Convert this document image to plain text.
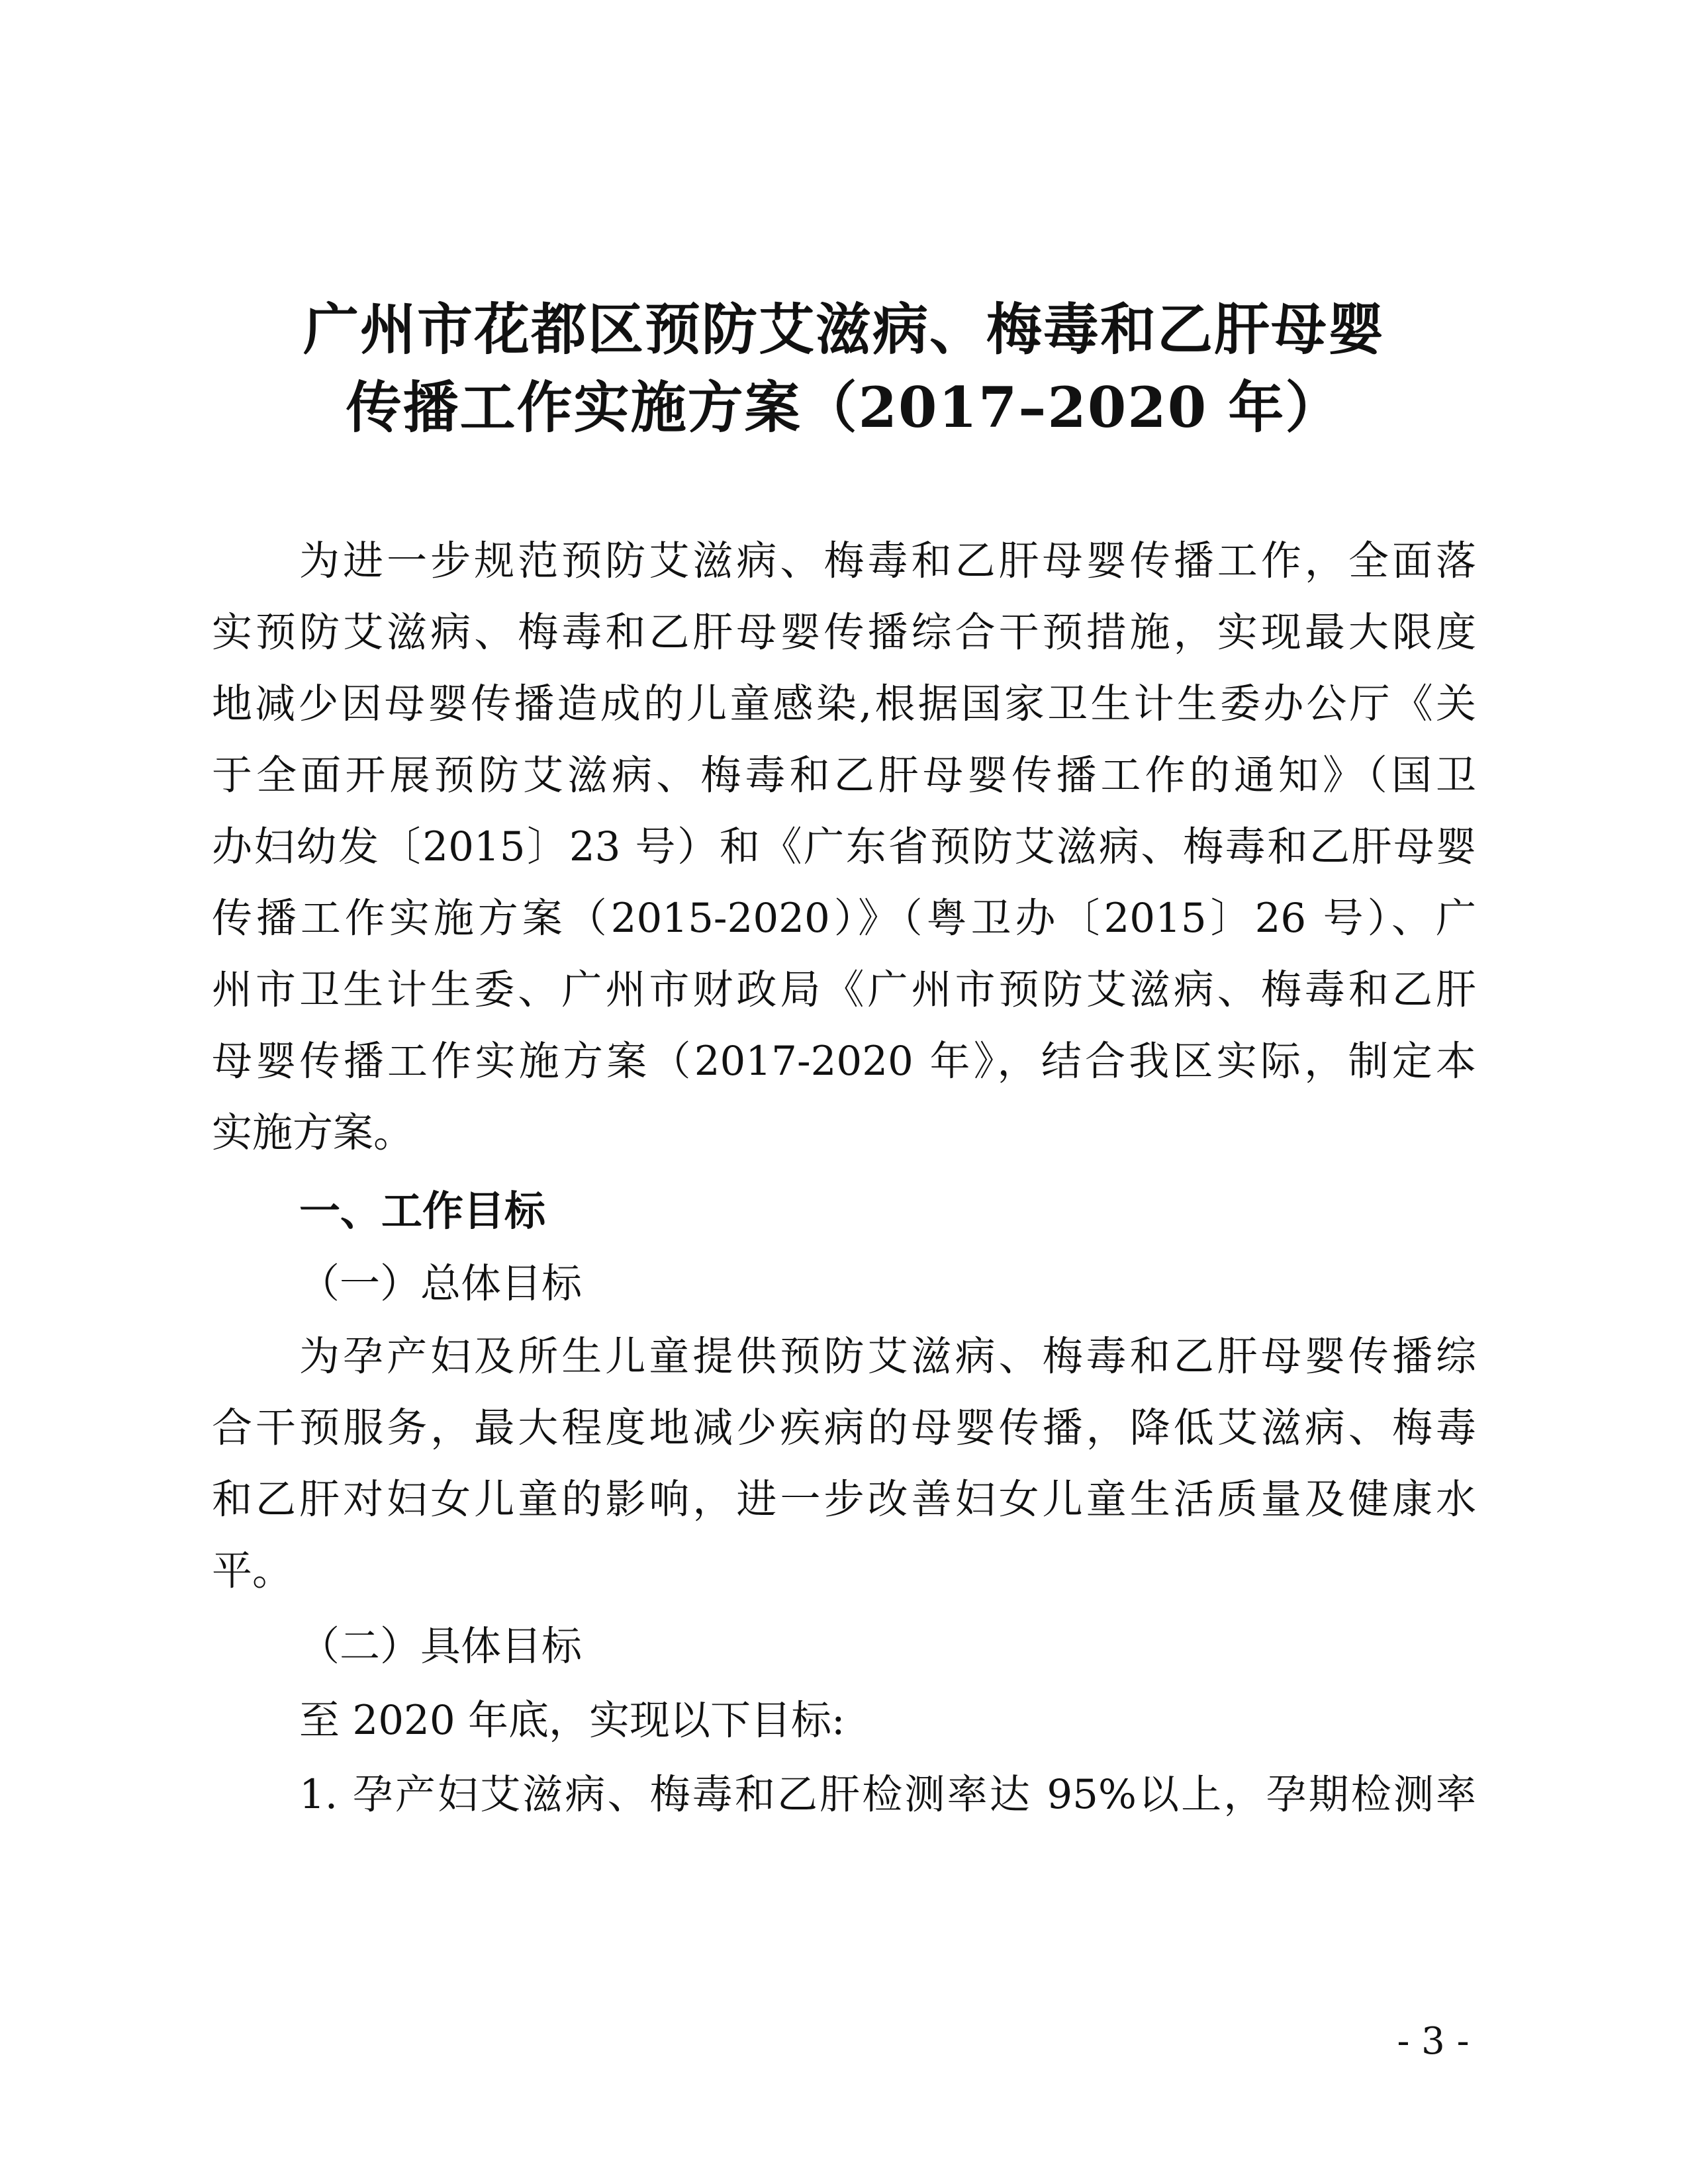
广州市花都区预防艾滋病、梅毒和乙肝母婴
传播工作实施方案（2017–2020 年）
为进一步规范预防艾滋病、梅毒和乙肝母婴传播工作，全面落
实预防艾滋病、梅毒和乙肝母婴传播综合干预措施，实现最大限度
地减少因母婴传播造成的儿童感染,根据国家卫生计生委办公厅《关
于全面开展预防艾滋病、梅毒和乙肝母婴传播工作的通知》（国卫
办妇幼发〔2015〕23 号）和《广东省预防艾滋病、梅毒和乙肝母婴
传播工作实施方案（2015-2020）》（粤卫办〔2015〕26 号）、广
州市卫生计生委、广州市财政局《广州市预防艾滋病、梅毒和乙肝
母婴传播工作实施方案（2017-2020 年》，结合我区实际，制定本
实施方案。
一、工作目标
（一）总体目标
为孕产妇及所生儿童提供预防艾滋病、梅毒和乙肝母婴传播综
合干预服务，最大程度地减少疾病的母婴传播，降低艾滋病、梅毒
和乙肝对妇女儿童的影响，进一步改善妇女儿童生活质量及健康水
平。
（二）具体目标
至 2020 年底，实现以下目标:
1. 孕产妇艾滋病、梅毒和乙肝检测率达 95%以上，孕期检测率
- 3 -
